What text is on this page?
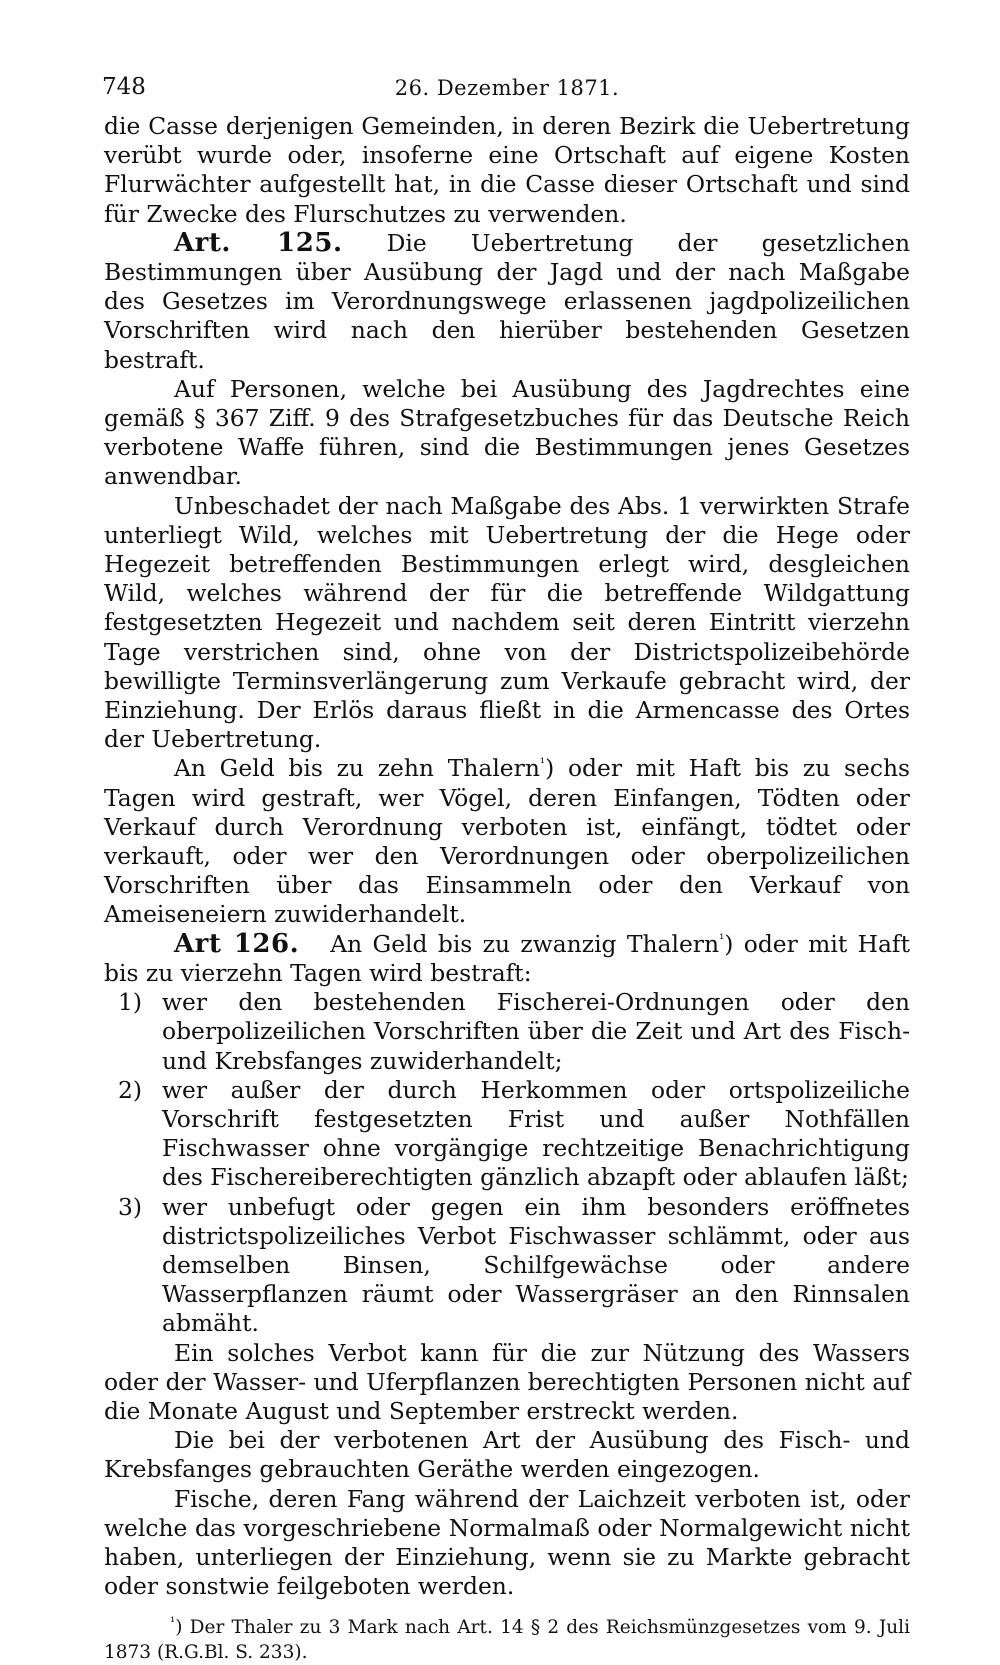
748	26. Dezember 1871.

die Casse derjenigen Gemeinden, in deren Bezirk die Uebertretung verübt wurde oder, insoferne eine Ortschaft auf eigene Kosten Flurwächter aufgestellt hat, in die Casse dieser Ortschaft und sind für Zwecke des Flurschutzes zu verwenden.

Art. 125. Die Uebertretung der gesetzlichen Bestimmungen über Ausübung der Jagd und der nach Maßgabe des Gesetzes im Verordnungswege erlassenen jagdpolizeilichen Vorschriften wird nach den hierüber bestehenden Gesetzen bestraft.

Auf Personen, welche bei Ausübung des Jagdrechtes eine gemäß § 367 Ziff. 9 des Strafgesetzbuches für das Deutsche Reich verbotene Waffe führen, sind die Bestimmungen jenes Gesetzes anwendbar.

Unbeschadet der nach Maßgabe des Abs. 1 verwirkten Strafe unterliegt Wild, welches mit Uebertretung der die Hege oder Hegezeit betreffenden Bestimmungen erlegt wird, desgleichen Wild, welches während der für die betreffende Wildgattung festgesetzten Hegezeit und nachdem seit deren Eintritt vierzehn Tage verstrichen sind, ohne von der Districtspolizeibehörde bewilligte Terminsverlängerung zum Verkaufe gebracht wird, der Einziehung. Der Erlös daraus fließt in die Armencasse des Ortes der Uebertretung.

An Geld bis zu zehn Thalern$^{^1}$) oder mit Haft bis zu sechs Tagen wird gestraft, wer Vögel, deren Einfangen, Tödten oder Verkauf durch Verordnung verboten ist, einfängt, tödtet oder verkauft, oder wer den Verordnungen oder oberpolizeilichen Vorschriften über das Einsammeln oder den Verkauf von Ameiseneiern zuwiderhandelt.

Art 126. An Geld bis zu zwanzig Thalern$^{^1}$) oder mit Haft bis zu vierzehn Tagen wird bestraft:

1) wer den bestehenden Fischerei-Ordnungen oder den oberpolizeilichen Vorschriften über die Zeit und Art des Fisch- und Krebsfanges zuwiderhandelt;
2) wer außer der durch Herkommen oder ortspolizeiliche Vorschrift festgesetzten Frist und außer Nothfällen Fischwasser ohne vorgängige rechtzeitige Benachrichtigung des Fischereiberechtigten gänzlich abzapft oder ablaufen läßt;
3) wer unbefugt oder gegen ein ihm besonders eröffnetes districtspolizeiliches Verbot Fischwasser schlämmt, oder aus demselben Binsen, Schilfgewächse oder andere Wasserpflanzen räumt oder Wassergräser an den Rinnsalen abmäht.

Ein solches Verbot kann für die zur Nützung des Wassers oder der Wasser- und Uferpflanzen berechtigten Personen nicht auf die Monate August und September erstreckt werden.

Die bei der verbotenen Art der Ausübung des Fisch- und Krebsfanges gebrauchten Geräthe werden eingezogen.

Fische, deren Fang während der Laichzeit verboten ist, oder welche das vorgeschriebene Normalmaß oder Normalgewicht nicht haben, unterliegen der Einziehung, wenn sie zu Markte gebracht oder sonstwie feilgeboten werden.

$^{^1}$) Der Thaler zu 3 Mark nach Art. 14 § 2 des Reichsmünzgesetzes vom 9. Juli 1873 (R.G.Bl. S. 233).
